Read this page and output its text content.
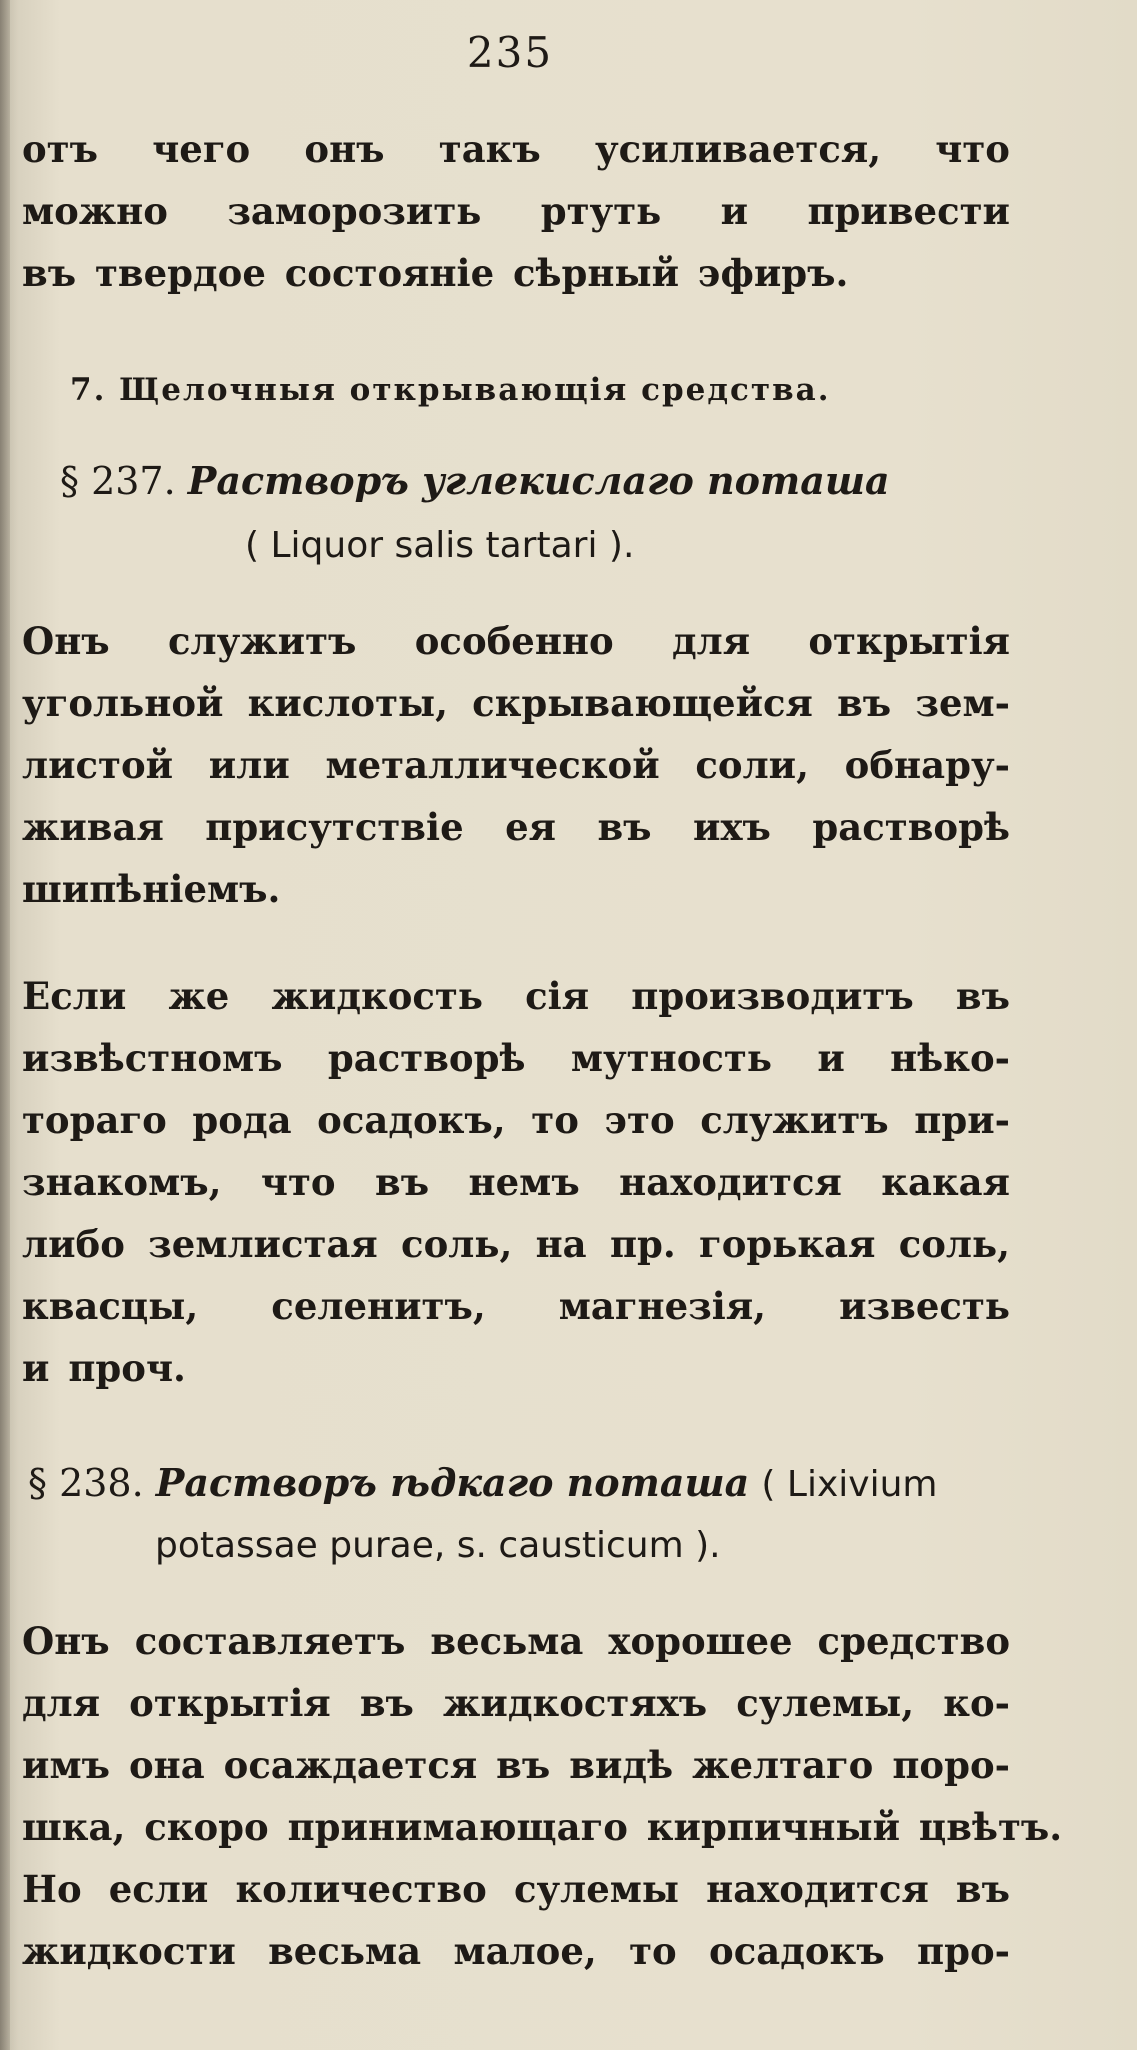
235
отъ чего онъ такъ усиливается, что
можно заморозить ртуть и привести
въ твердое состояніе сѣрный эфиръ.
7. Щелочныя открывающія средства.
§ 237. Растворъ углекислаго поташа
( Liquor salis tartari ).
Онъ служитъ особенно для открытія
угольной кислоты, скрывающейся въ зем-
листой или металлической соли, обнару-
живая присутствіе ея въ ихъ растворѣ
шипѣніемъ.
Если же жидкость сія производитъ въ
извѣстномъ растворѣ мутность и нѣко-
тораго рода осадокъ, то это служитъ при-
знакомъ, что въ немъ находится какая
либо землистая соль, на пр. горькая соль,
квасцы, селенитъ, магнезія, известь
и проч.
§ 238. Растворъ ѣдкаго поташа ( Lixivium
potassae purae, s. causticum ).
Онъ составляетъ весьма хорошее средство
для открытія въ жидкостяхъ сулемы, ко-
имъ она осаждается въ видѣ желтаго поро-
шка, скоро принимающаго кирпичный цвѣтъ.
Но если количество сулемы находится въ
жидкости весьма малое, то осадокъ про-
